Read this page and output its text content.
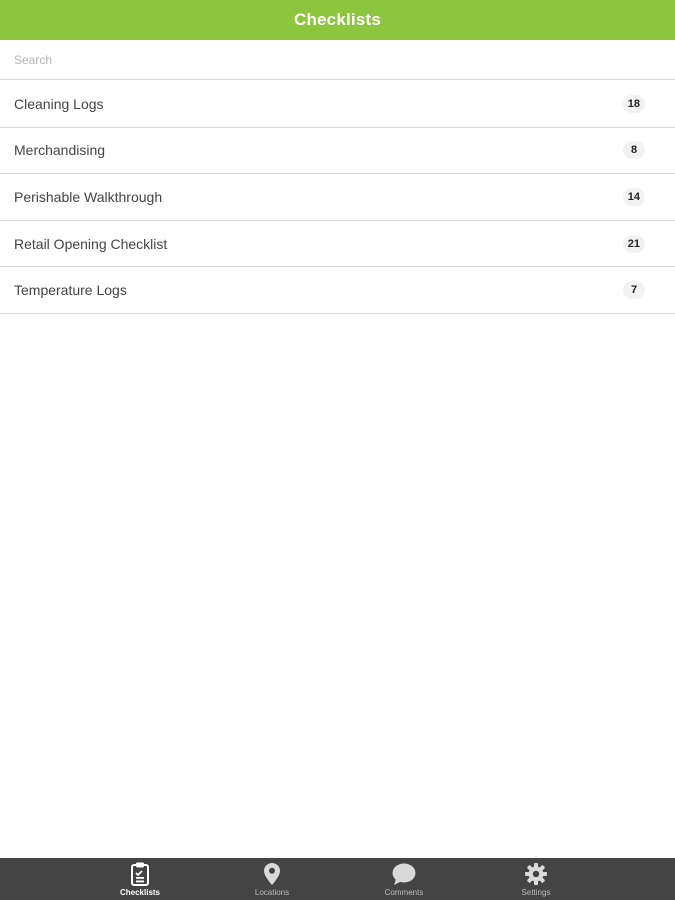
Checklists
Search
Cleaning Logs	18
Merchandising	8
Perishable Walkthrough	14
Retail Opening Checklist	21
Temperature Logs	7
Checklists	Locations	Comments	Settings
